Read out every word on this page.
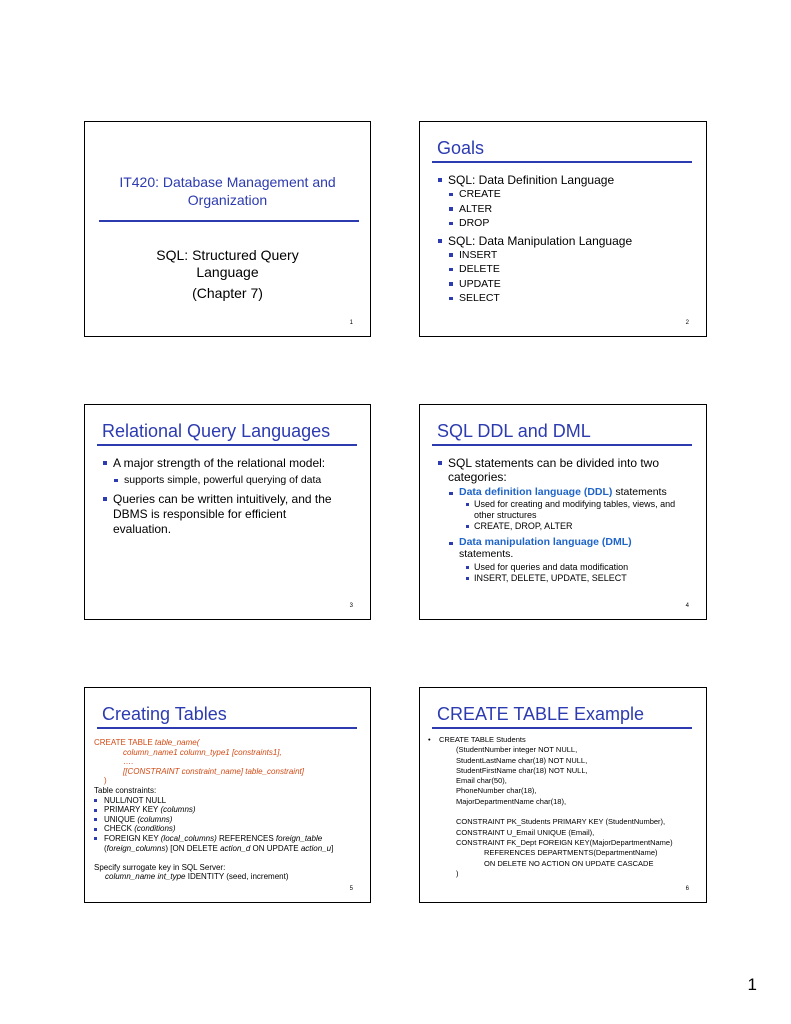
IT420: Database Management and
Organization
SQL: Structured Query
Language
(Chapter 7)
1
Goals
SQL: Data Definition Language
CREATE
ALTER
DROP
SQL: Data Manipulation Language
INSERT
DELETE
UPDATE
SELECT
2
Relational Query Languages
A major strength of the relational model:
supports simple, powerful querying of data
Queries can be written intuitively, and the
DBMS is responsible for efficient
evaluation.
3
SQL DDL and DML
SQL statements can be divided into two
categories:
Data definition language (DDL) statements
Used for creating and modifying tables, views, and other structures
CREATE, DROP, ALTER
Data manipulation language (DML)
statements.
Used for queries and data modification
INSERT, DELETE, UPDATE, SELECT
4
Creating Tables
CREATE TABLE table_name(
column_name1 column_type1 [constraints1],
….
[[CONSTRAINT constraint_name] table_constraint]
)
Table constraints:
NULL/NOT NULL
PRIMARY KEY (columns)
UNIQUE (columns)
CHECK (conditions)
FOREIGN KEY (local_columns) REFERENCES foreign_table
(foreign_columns) [ON DELETE action_d ON UPDATE action_u]
Specify surrogate key in SQL Server:
column_name int_type IDENTITY (seed, increment)
5
CREATE TABLE Example
•	CREATE TABLE Students
(StudentNumber integer NOT NULL,
StudentLastName char(18) NOT NULL,
StudentFirstName char(18) NOT NULL,
Email char(50),
PhoneNumber char(18),
MajorDepartmentName char(18),
CONSTRAINT PK_Students PRIMARY KEY (StudentNumber),
CONSTRAINT U_Email UNIQUE (Email),
CONSTRAINT FK_Dept FOREIGN KEY(MajorDepartmentName)
REFERENCES DEPARTMENTS(DepartmentName)
ON DELETE NO ACTION ON UPDATE CASCADE
)
6
1
